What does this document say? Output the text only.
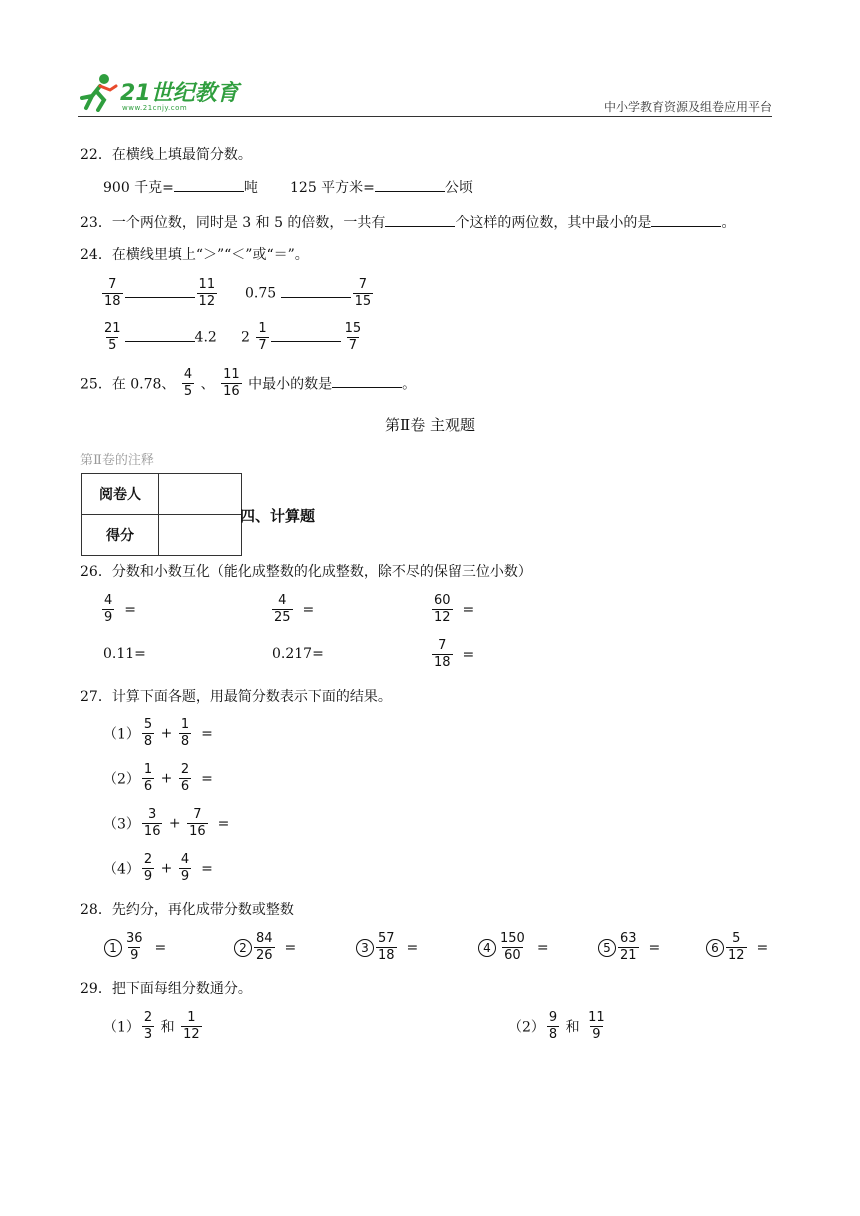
21世纪教育
www.21cnjy.com	中小学教育资源及组卷应用平台
22．在横线上填最简分数。
900 千克=	吨 125 平方米=	公顷
23．一个两位数，同时是 3 和 5 的倍数，一共有	个这样的两位数，其中最小的是	。
24．在横线里填上“＞”“＜”或“＝”。
$\frac{7}{18}$	$\frac{11}{12} 0.75$	$\frac{7}{15}$
$\frac{21}{5}$	4.2 $2 \frac{1}{7}$	$\frac{15}{7}$
25．在 0.78、 $\frac{4}{5}$ 、 $\frac{11}{16}$ 中最小的数是	。
第Ⅱ卷 主观题
第Ⅱ卷的注释
阅卷人	
得分	
四、计算题
26．分数和小数互化（能化成整数的化成整数，除不尽的保留三位小数）
$\frac{4}{9}$ =	$\frac{4}{25}$ =	$\frac{60}{12}$ =
0.11=	0.217=	$\frac{7}{18}$ =
27．计算下面各题，用最简分数表示下面的结果。
$(1) \frac{5}{8} + \frac{1}{8}$ =
$(2) \frac{1}{6} + \frac{2}{6}$ =
$(3) \frac{3}{16} + \frac{7}{16}$ =
$(4) \frac{2}{9} + \frac{4}{9}$ =
28．先约分，再化成带分数或整数
$1 \frac{36}{9}$ =	$2 \frac{84}{26}$ =	$3 \frac{57}{18}$ =	$4 \frac{150}{60}$ =	$5 \frac{63}{21}$ =	$6 \frac{5}{12}$ =
29．把下面每组分数通分。
$(1) \frac{2}{3}$ 和 $\frac{1}{12}$	$(2) \frac{9}{8}$ 和 $\frac{11}{9}$
